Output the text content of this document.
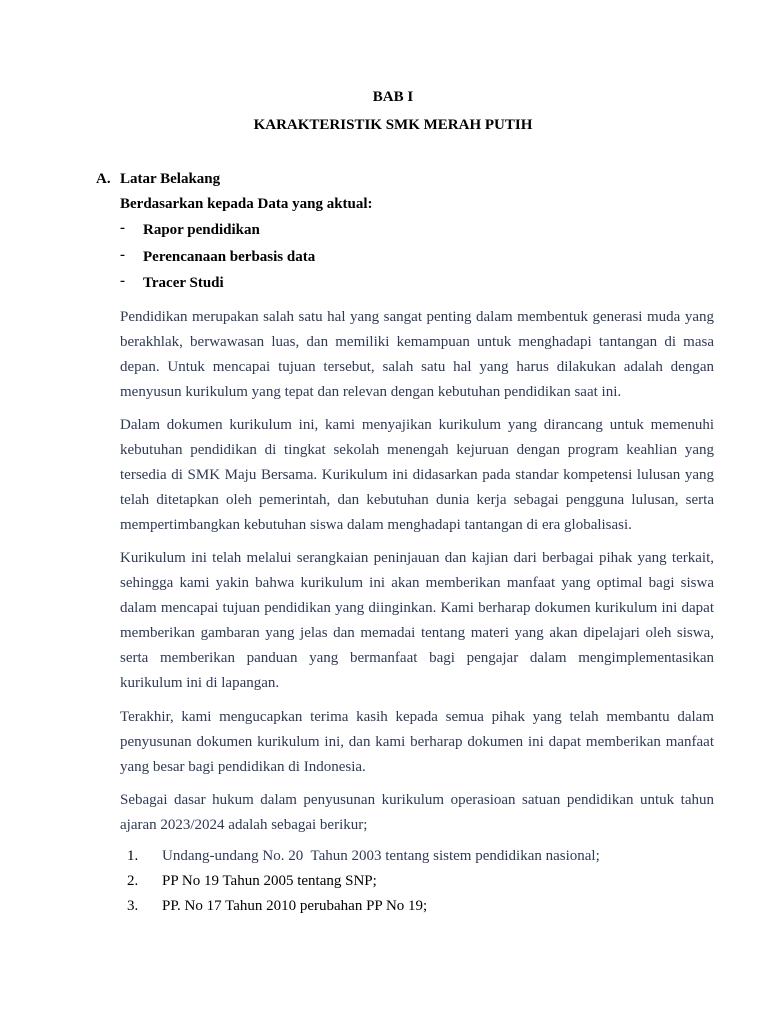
BAB I
KARAKTERISTIK SMK MERAH PUTIH
A. Latar Belakang
Berdasarkan kepada Data yang aktual:
- Rapor pendidikan
- Perencanaan berbasis data
- Tracer Studi

Pendidikan merupakan salah satu hal yang sangat penting dalam membentuk generasi muda yang berakhlak, berwawasan luas, dan memiliki kemampuan untuk menghadapi tantangan di masa depan. Untuk mencapai tujuan tersebut, salah satu hal yang harus dilakukan adalah dengan menyusun kurikulum yang tepat dan relevan dengan kebutuhan pendidikan saat ini.

Dalam dokumen kurikulum ini, kami menyajikan kurikulum yang dirancang untuk memenuhi kebutuhan pendidikan di tingkat sekolah menengah kejuruan dengan program keahlian yang tersedia di SMK Maju Bersama. Kurikulum ini didasarkan pada standar kompetensi lulusan yang telah ditetapkan oleh pemerintah, dan kebutuhan dunia kerja sebagai pengguna lulusan, serta mempertimbangkan kebutuhan siswa dalam menghadapi tantangan di era globalisasi.

Kurikulum ini telah melalui serangkaian peninjauan dan kajian dari berbagai pihak yang terkait, sehingga kami yakin bahwa kurikulum ini akan memberikan manfaat yang optimal bagi siswa dalam mencapai tujuan pendidikan yang diinginkan. Kami berharap dokumen kurikulum ini dapat memberikan gambaran yang jelas dan memadai tentang materi yang akan dipelajari oleh siswa, serta memberikan panduan yang bermanfaat bagi pengajar dalam mengimplementasikan kurikulum ini di lapangan.

Terakhir, kami mengucapkan terima kasih kepada semua pihak yang telah membantu dalam penyusunan dokumen kurikulum ini, dan kami berharap dokumen ini dapat memberikan manfaat yang besar bagi pendidikan di Indonesia.

Sebagai dasar hukum dalam penyusunan kurikulum operasioan satuan pendidikan untuk tahun ajaran 2023/2024 adalah sebagai berikur;

1. Undang-undang No. 20  Tahun 2003 tentang sistem pendidikan nasional;
2. PP No 19 Tahun 2005 tentang SNP;
3. PP. No 17 Tahun 2010 perubahan PP No 19;
